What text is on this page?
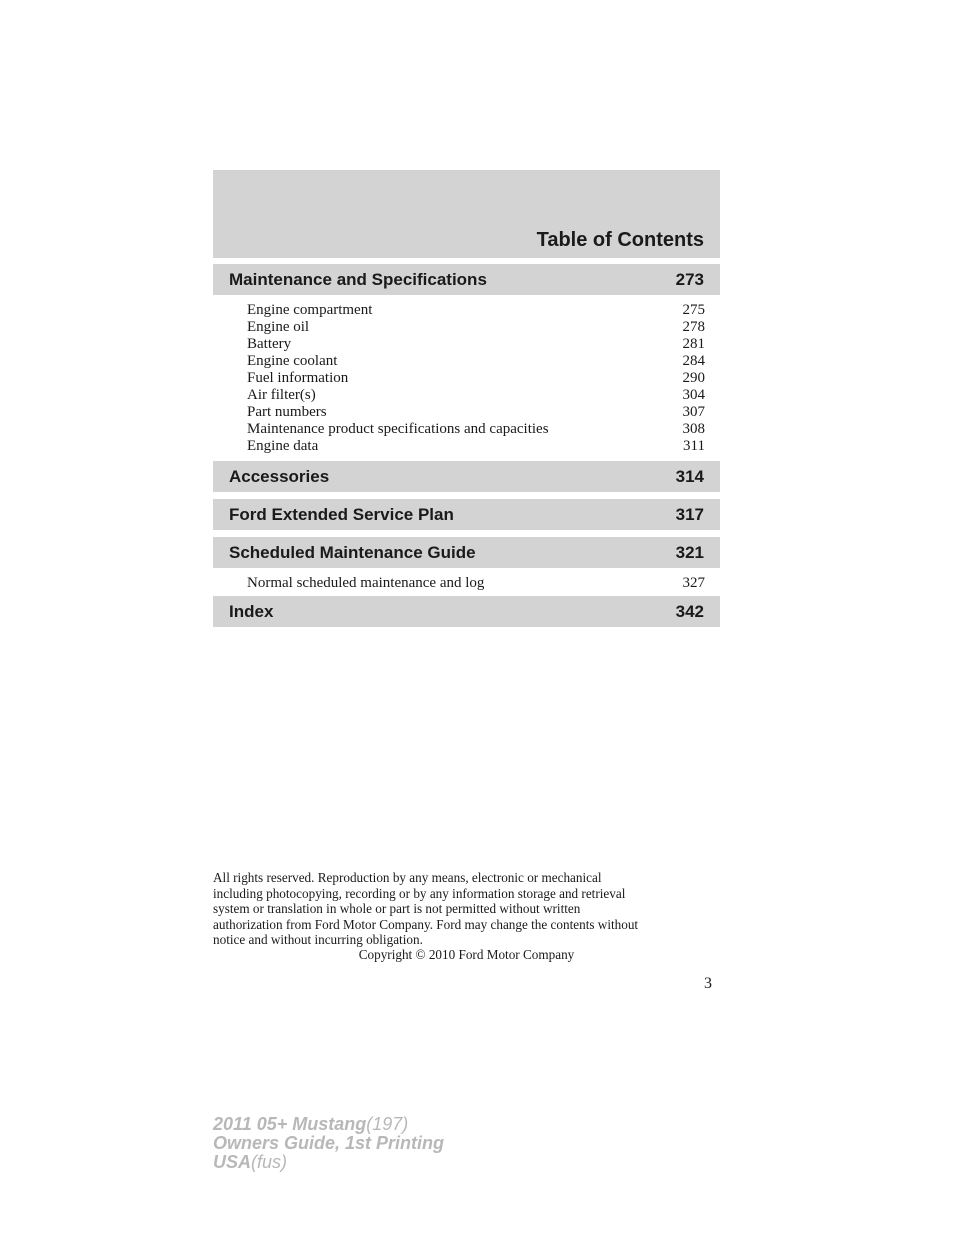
Table of Contents
Maintenance and Specifications	273
Engine compartment	275
Engine oil	278
Battery	281
Engine coolant	284
Fuel information	290
Air filter(s)	304
Part numbers	307
Maintenance product specifications and capacities	308
Engine data	311
Accessories	314
Ford Extended Service Plan	317
Scheduled Maintenance Guide	321
Normal scheduled maintenance and log	327
Index	342
All rights reserved. Reproduction by any means, electronic or mechanical
including photocopying, recording or by any information storage and retrieval
system or translation in whole or part is not permitted without written
authorization from Ford Motor Company. Ford may change the contents without
notice and without incurring obligation.
Copyright © 2010 Ford Motor Company
3
2011 05+ Mustang(197)
Owners Guide, 1st Printing
USA(fus)
